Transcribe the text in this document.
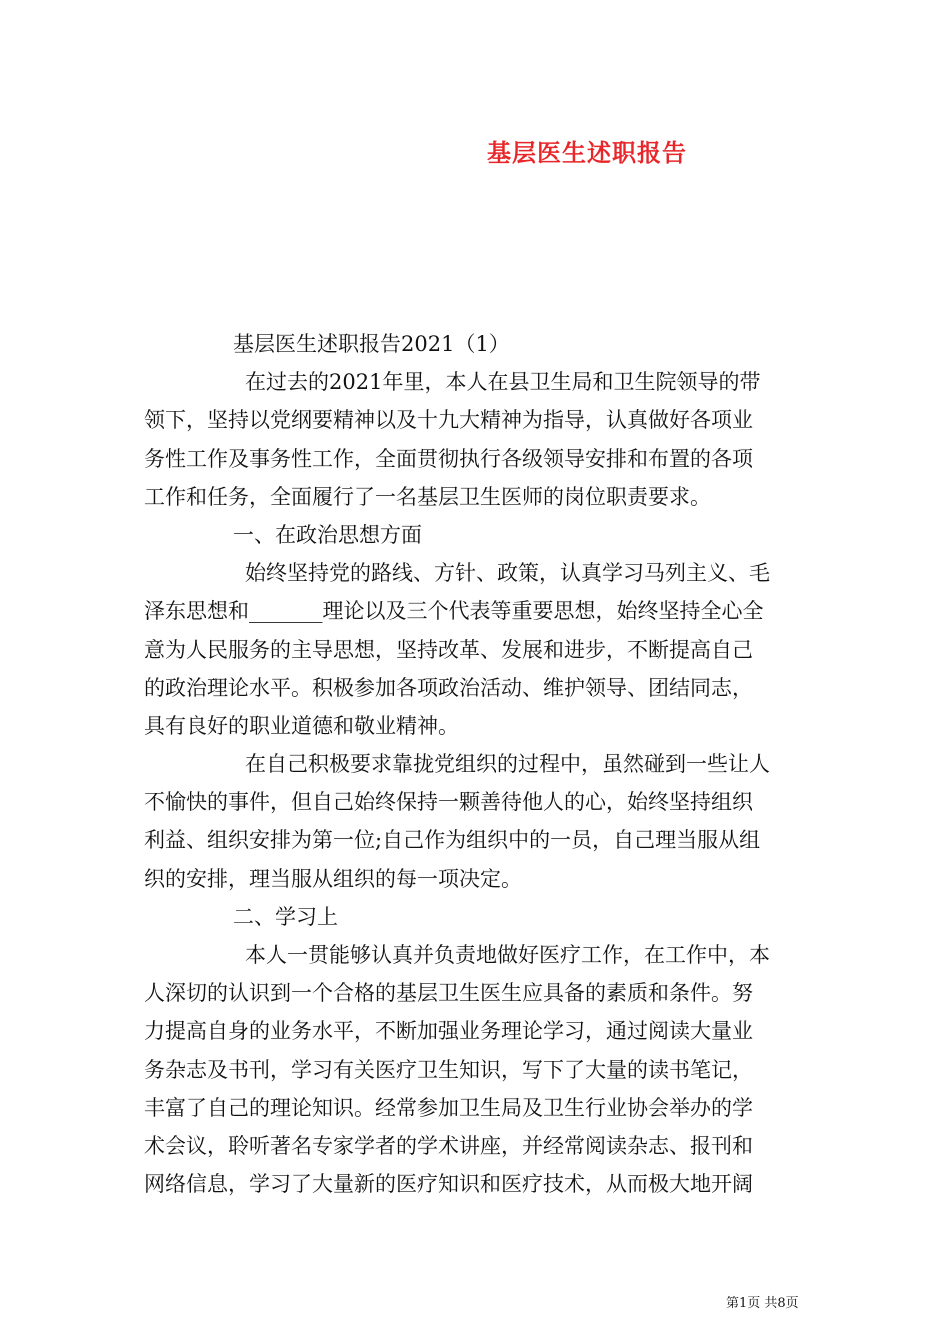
基层医生述职报告
基层医生述职报告2021（1）
在过去的2021年里，本人在县卫生局和卫生院领导的带
领下，坚持以党纲要精神以及十九大精神为指导，认真做好各项业
务性工作及事务性工作，全面贯彻执行各级领导安排和布置的各项
工作和任务，全面履行了一名基层卫生医师的岗位职责要求。
一、在政治思想方面
始终坚持党的路线、方针、政策，认真学习马列主义、毛
泽东思想和_______理论以及三个代表等重要思想，始终坚持全心全
意为人民服务的主导思想，坚持改革、发展和进步，不断提高自己
的政治理论水平。积极参加各项政治活动、维护领导、团结同志，
具有良好的职业道德和敬业精神。
在自己积极要求靠拢党组织的过程中，虽然碰到一些让人
不愉快的事件，但自己始终保持一颗善待他人的心，始终坚持组织
利益、组织安排为第一位;自己作为组织中的一员，自己理当服从组
织的安排，理当服从组织的每一项决定。
二、学习上
本人一贯能够认真并负责地做好医疗工作，在工作中，本
人深切的认识到一个合格的基层卫生医生应具备的素质和条件。努
力提高自身的业务水平，不断加强业务理论学习，通过阅读大量业
务杂志及书刊，学习有关医疗卫生知识，写下了大量的读书笔记，
丰富了自己的理论知识。经常参加卫生局及卫生行业协会举办的学
术会议，聆听著名专家学者的学术讲座，并经常阅读杂志、报刊和
网络信息，学习了大量新的医疗知识和医疗技术，从而极大地开阔
第1页 共8页
